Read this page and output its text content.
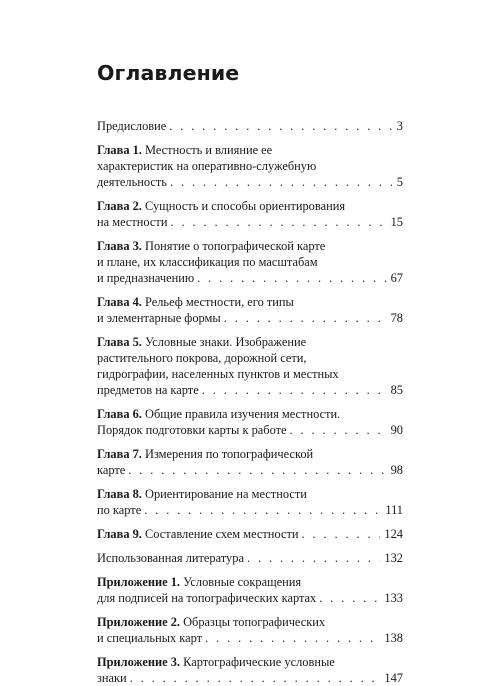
Оглавление
Предисловие . . .	3
Глава 1. Местность и влияние ее
характеристик на оперативно-служебную
деятельность . . .	5
Глава 2. Сущность и способы ориентирования
на местности . . .	15
Глава 3. Понятие о топографической карте
и плане, их классификация по масштабам
и предназначению . . .	67
Глава 4. Рельеф местности, его типы
и элементарные формы . . .	78
Глава 5. Условные знаки. Изображение
растительного покрова, дорожной сети,
гидрографии, населенных пунктов и местных
предметов на карте . . .	85
Глава 6. Общие правила изучения местности.
Порядок подготовки карты к работе . . .	90
Глава 7. Измерения по топографической
карте . . .	98
Глава 8. Ориентирование на местности
по карте . . .	111
Глава 9. Составление схем местности . . .	124
Использованная литература . . .	132
Приложение 1. Условные сокращения
для подписей на топографических картах . . .	133
Приложение 2. Образцы топографических
и специальных карт . . .	138
Приложение 3. Картографические условные
знаки . . .	147
